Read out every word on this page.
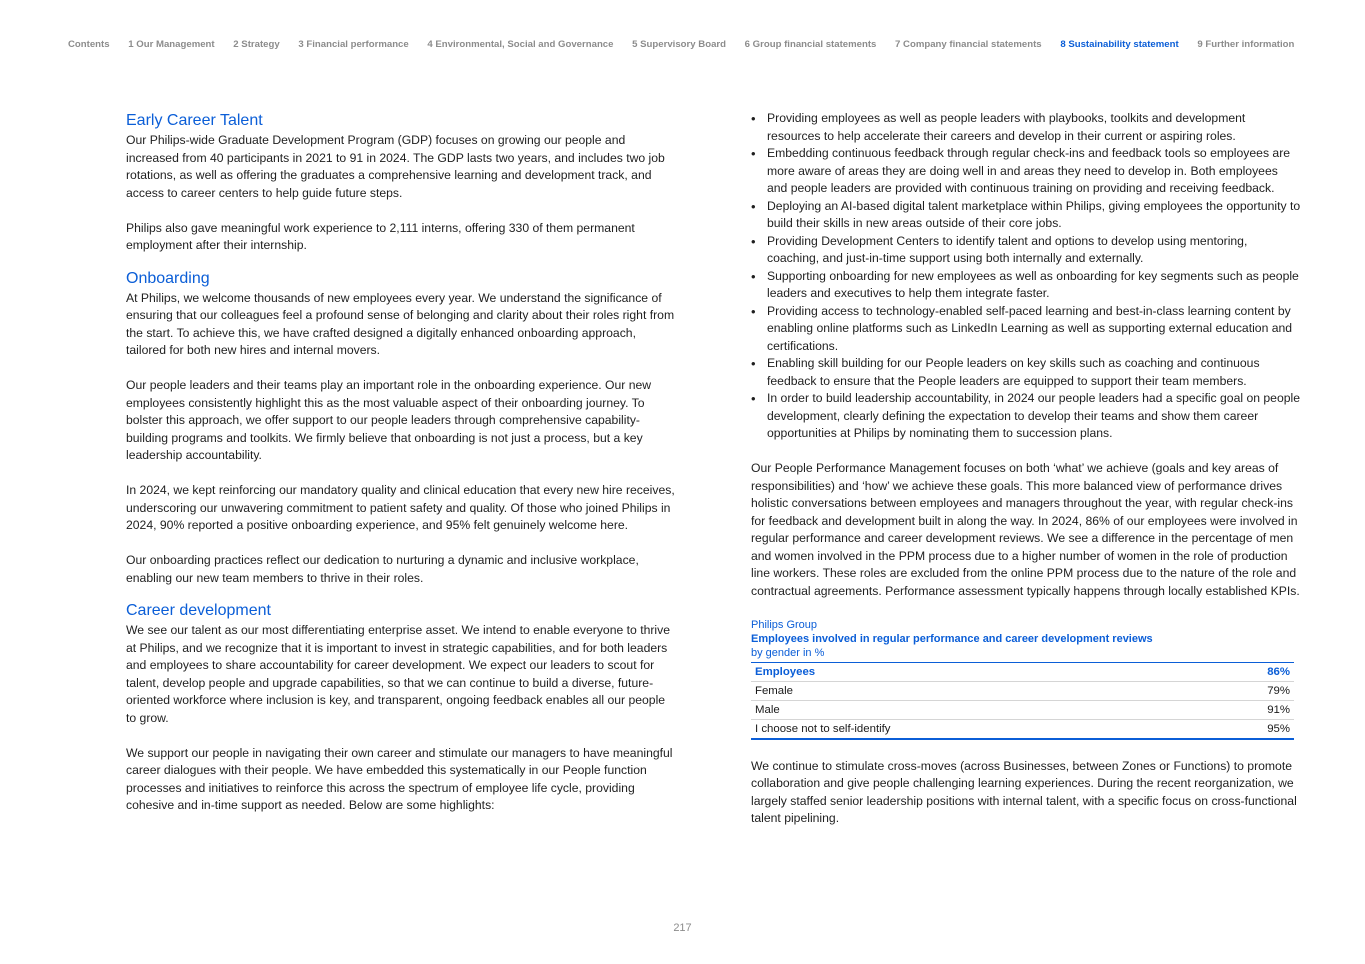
Contents 1 Our Management 2 Strategy 3 Financial performance 4 Environmental, Social and Governance 5 Supervisory Board 6 Group financial statements 7 Company financial statements 8 Sustainability statement 9 Further information
Early Career Talent

Our Philips-wide Graduate Development Program (GDP) focuses on growing our people and increased from 40 participants in 2021 to 91 in 2024. The GDP lasts two years, and includes two job rotations, as well as offering the graduates a comprehensive learning and development track, and access to career centers to help guide future steps.

Philips also gave meaningful work experience to 2,111 interns, offering 330 of them permanent employment after their internship.

Onboarding

At Philips, we welcome thousands of new employees every year. We understand the significance of ensuring that our colleagues feel a profound sense of belonging and clarity about their roles right from the start. To achieve this, we have crafted designed a digitally enhanced onboarding approach, tailored for both new hires and internal movers.

Our people leaders and their teams play an important role in the onboarding experience. Our new employees consistently highlight this as the most valuable aspect of their onboarding journey. To bolster this approach, we offer support to our people leaders through comprehensive capability-building programs and toolkits. We firmly believe that onboarding is not just a process, but a key leadership accountability.

In 2024, we kept reinforcing our mandatory quality and clinical education that every new hire receives, underscoring our unwavering commitment to patient safety and quality. Of those who joined Philips in 2024, 90% reported a positive onboarding experience, and 95% felt genuinely welcome here.

Our onboarding practices reflect our dedication to nurturing a dynamic and inclusive workplace, enabling our new team members to thrive in their roles.

Career development

We see our talent as our most differentiating enterprise asset. We intend to enable everyone to thrive at Philips, and we recognize that it is important to invest in strategic capabilities, and for both leaders and employees to share accountability for career development. We expect our leaders to scout for talent, develop people and upgrade capabilities, so that we can continue to build a diverse, future-oriented workforce where inclusion is key, and transparent, ongoing feedback enables all our people to grow.

We support our people in navigating their own career and stimulate our managers to have meaningful career dialogues with their people. We have embedded this systematically in our People function processes and initiatives to reinforce this across the spectrum of employee life cycle, providing cohesive and in-time support as needed. Below are some highlights:

• Providing employees as well as people leaders with playbooks, toolkits and development resources to help accelerate their careers and develop in their current or aspiring roles.
• Embedding continuous feedback through regular check-ins and feedback tools so employees are more aware of areas they are doing well in and areas they need to develop in. Both employees and people leaders are provided with continuous training on providing and receiving feedback.
• Deploying an AI-based digital talent marketplace within Philips, giving employees the opportunity to build their skills in new areas outside of their core jobs.
• Providing Development Centers to identify talent and options to develop using mentoring, coaching, and just-in-time support using both internally and externally.
• Supporting onboarding for new employees as well as onboarding for key segments such as people leaders and executives to help them integrate faster.
• Providing access to technology-enabled self-paced learning and best-in-class learning content by enabling online platforms such as LinkedIn Learning as well as supporting external education and certifications.
• Enabling skill building for our People leaders on key skills such as coaching and continuous feedback to ensure that the People leaders are equipped to support their team members.
• In order to build leadership accountability, in 2024 our people leaders had a specific goal on people development, clearly defining the expectation to develop their teams and show them career opportunities at Philips by nominating them to succession plans.

Our People Performance Management focuses on both ‘what’ we achieve (goals and key areas of responsibilities) and ‘how’ we achieve these goals. This more balanced view of performance drives holistic conversations between employees and managers throughout the year, with regular check-ins for feedback and development built in along the way. In 2024, 86% of our employees were involved in regular performance and career development reviews. We see a difference in the percentage of men and women involved in the PPM process due to a higher number of women in the role of production line workers. These roles are excluded from the online PPM process due to the nature of the role and contractual agreements. Performance assessment typically happens through locally established KPIs.

Philips Group
Employees involved in regular performance and career development reviews
by gender in %
Employees	86%
Female	79%
Male	91%
I choose not to self-identify	95%

We continue to stimulate cross-moves (across Businesses, between Zones or Functions) to promote collaboration and give people challenging learning experiences. During the recent reorganization, we largely staffed senior leadership positions with internal talent, with a specific focus on cross-functional talent pipelining.

217
